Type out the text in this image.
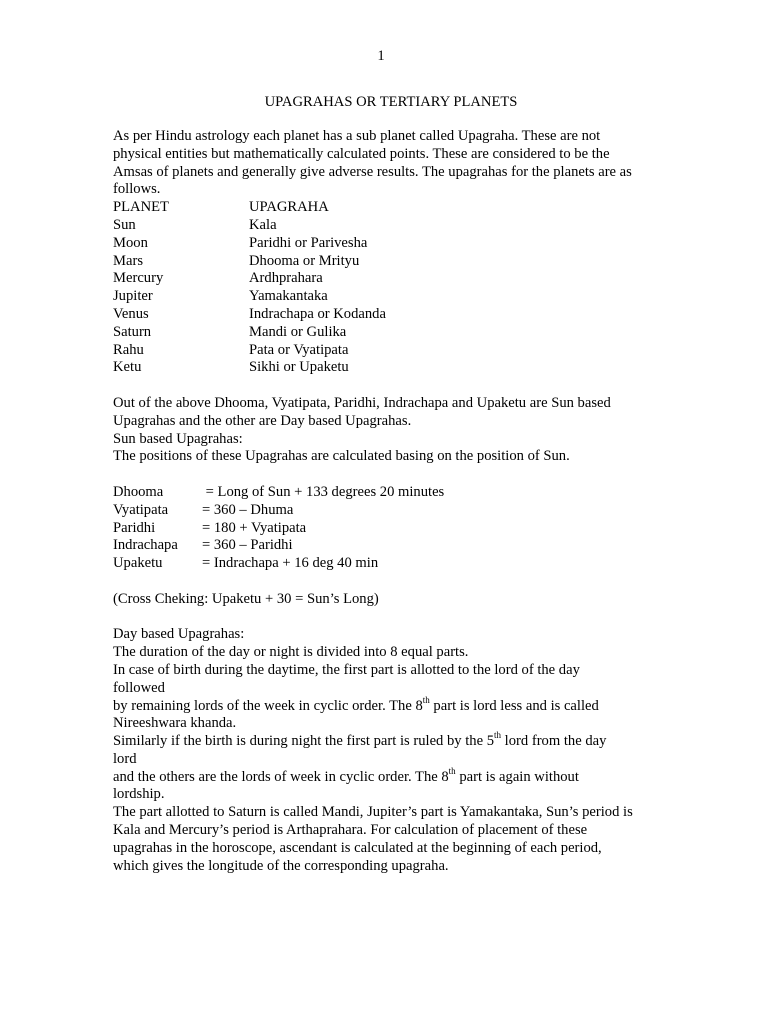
1
UPAGRAHAS OR TERTIARY PLANETS
As per Hindu astrology each planet has a sub planet called Upagraha. These are not
physical entities but mathematically calculated points. These are considered to be the
Amsas of planets and generally give adverse results. The upagrahas for the planets are as
follows.
PLANET	UPAGRAHA
Sun	Kala
Moon	Paridhi or Parivesha
Mars	Dhooma or Mrityu
Mercury	Ardhprahara
Jupiter	Yamakantaka
Venus	Indrachapa or Kodanda
Saturn	Mandi or Gulika
Rahu	Pata or Vyatipata
Ketu	Sikhi or Upaketu
Out of the above Dhooma, Vyatipata, Paridhi, Indrachapa and Upaketu are Sun based
Upagrahas and the other are Day based Upagrahas.
Sun based Upagrahas:
The positions of these Upagrahas are calculated basing on the position of Sun.
Dhooma	= Long of Sun + 133 degrees 20 minutes
Vyatipata	= 360 – Dhuma
Paridhi	= 180 + Vyatipata
Indrachapa	= 360 – Paridhi
Upaketu	= Indrachapa + 16 deg 40 min
(Cross Cheking: Upaketu + 30 = Sun’s Long)
Day based Upagrahas:
The duration of the day or night is divided into 8 equal parts.
In case of birth during the daytime, the first part is allotted to the lord of the day followed
by remaining lords of the week in cyclic order. The 8th part is lord less and is called
Nireeshwara khanda.
Similarly if the birth is during night the first part is ruled by the 5th lord from the day lord
and the others are the lords of week in cyclic order. The 8th part is again without lordship.
The part allotted to Saturn is called Mandi, Jupiter’s part is Yamakantaka, Sun’s period is
Kala and Mercury’s period is Arthaprahara. For calculation of placement of these
upagrahas in the horoscope, ascendant is calculated at the beginning of each period,
which gives the longitude of the corresponding upagraha.
